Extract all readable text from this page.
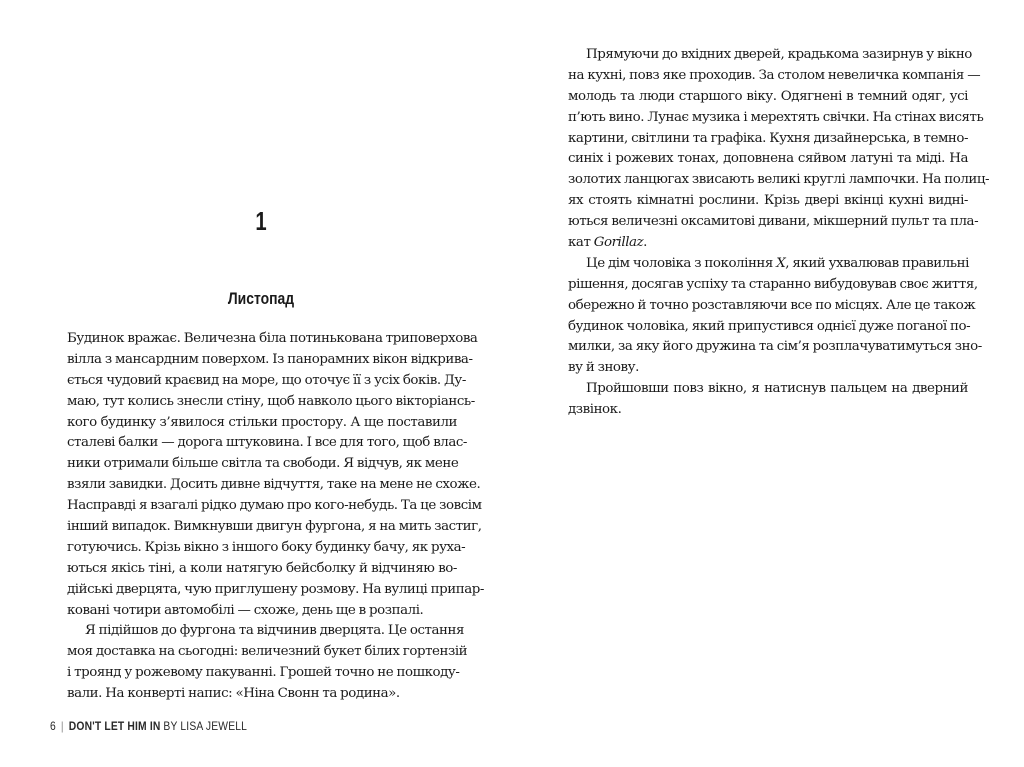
1
Листопад
Будинок вражає. Величезна біла потинькована триповерхова
вілла з мансардним поверхом. Із панорамних вікон відкрива-
ється чудовий краєвид на море, що оточує її з усіх боків. Ду-
маю, тут колись знесли стіну, щоб навколо цього вікторіансь-
кого будинку з’явилося стільки простору. А ще поставили
сталеві балки — дорога штуковина. І все для того, щоб влас-
ники отримали більше світла та свободи. Я відчув, як мене
взяли завидки. Досить дивне відчуття, таке на мене не схоже.
Насправді я взагалі рідко думаю про кого-небудь. Та це зовсім
інший випадок. Вимкнувши двигун фургона, я на мить застиг,
готуючись. Крізь вікно з іншого боку будинку бачу, як руха-
ються якісь тіні, а коли натягую бейсболку й відчиняю во-
дійські дверцята, чую приглушену розмову. На вулиці припар-
ковані чотири автомобілі — схоже, день ще в розпалі.
Я підійшов до фургона та відчинив дверцята. Це остання
моя доставка на сьогодні: величезний букет білих гортензій
і троянд у рожевому пакуванні. Грошей точно не пошкоду-
вали. На конверті напис: «Ніна Свонн та родина».
6 | DON'T LET HIM IN BY LISA JEWELL
Прямуючи до вхідних дверей, крадькома зазирнув у вікно
на кухні, повз яке проходив. За столом невеличка компанія —
молодь та люди старшого віку. Одягнені в темний одяг, усі
п’ють вино. Лунає музика і мерехтять свічки. На стінах висять
картини, світлини та графіка. Кухня дизайнерська, в темно-
синіх і рожевих тонах, доповнена сяйвом латуні та міді. На
золотих ланцюгах звисають великі круглі лампочки. На полиц-
ях стоять кімнатні рослини. Крізь двері вкінці кухні видні-
ються величезні оксамитові дивани, мікшерний пульт та пла-
кат Gorillaz.
Це дім чоловіка з покоління X, який ухвалював правильні
рішення, досягав успіху та старанно вибудовував своє життя,
обережно й точно розставляючи все по місцях. Але це також
будинок чоловіка, який припустився однієї дуже поганої по-
милки, за яку його дружина та сім’я розплачуватимуться зно-
ву й знову.
Пройшовши повз вікно, я натиснув пальцем на дверний
дзвінок.
